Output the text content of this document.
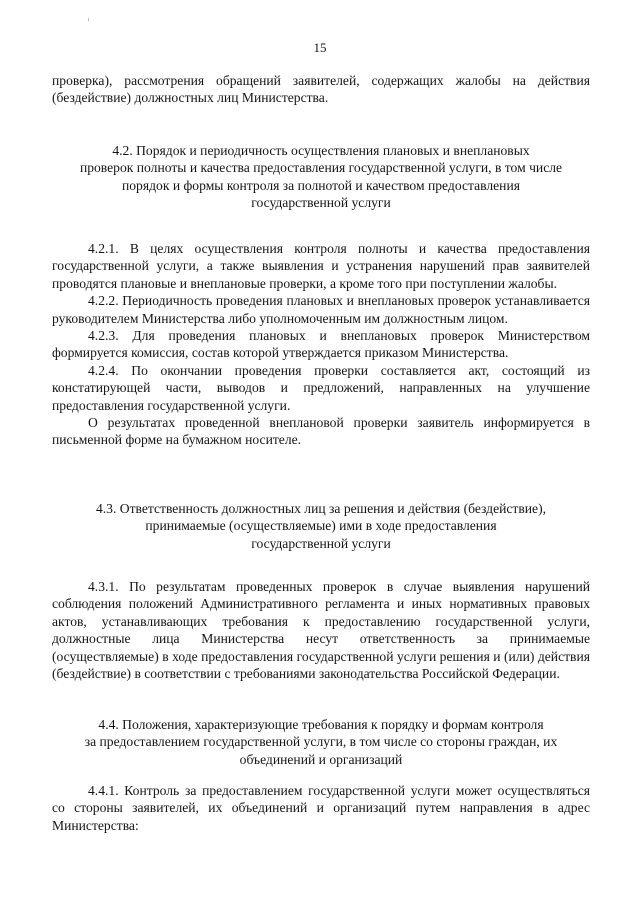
15

проверка), рассмотрения обращений заявителей, содержащих жалобы на действия

(бездействие) должностных лиц Министерства.

4.2. Порядок и периодичность осуществления плановых и внеплановых

проверок полноты и качества предоставления государственной услуги, в том числе

порядок и формы контроля за полнотой и качеством предоставления

государственной услуги

4.2.1. В целях осуществления контроля полноты и качества предоставления государственной услуги, а также выявления и устранения нарушений прав заявителей проводятся плановые и внеплановые проверки, а кроме того при поступлении жалобы.

4.2.2. Периодичность проведения плановых и внеплановых проверок устанавливается руководителем Министерства либо уполномоченным им должностным лицом.

4.2.3. Для проведения плановых и внеплановых проверок Министерством формируется комиссия, состав которой утверждается приказом Министерства.

4.2.4. По окончании проведения проверки составляется акт, состоящий из констатирующей части, выводов и предложений, направленных на улучшение предоставления государственной услуги.

О результатах проведенной внеплановой проверки заявитель информируется в письменной форме на бумажном носителе.

4.3. Ответственность должностных лиц за решения и действия (бездействие),

принимаемые (осуществляемые) ими в ходе предоставления

государственной услуги

4.3.1. По результатам проведенных проверок в случае выявления нарушений соблюдения положений Административного регламента и иных нормативных правовых актов, устанавливающих требования к предоставлению государственной услуги, должностные лица Министерства несут ответственность за принимаемые (осуществляемые) в ходе предоставления государственной услуги решения и (или) действия (бездействие) в соответствии с требованиями законодательства Российской Федерации.

4.4. Положения, характеризующие требования к порядку и формам контроля

за предоставлением государственной услуги, в том числе со стороны граждан, их

объединений и организаций

4.4.1. Контроль за предоставлением государственной услуги может осуществляться со стороны заявителей, их объединений и организаций путем направления в адрес Министерства:
